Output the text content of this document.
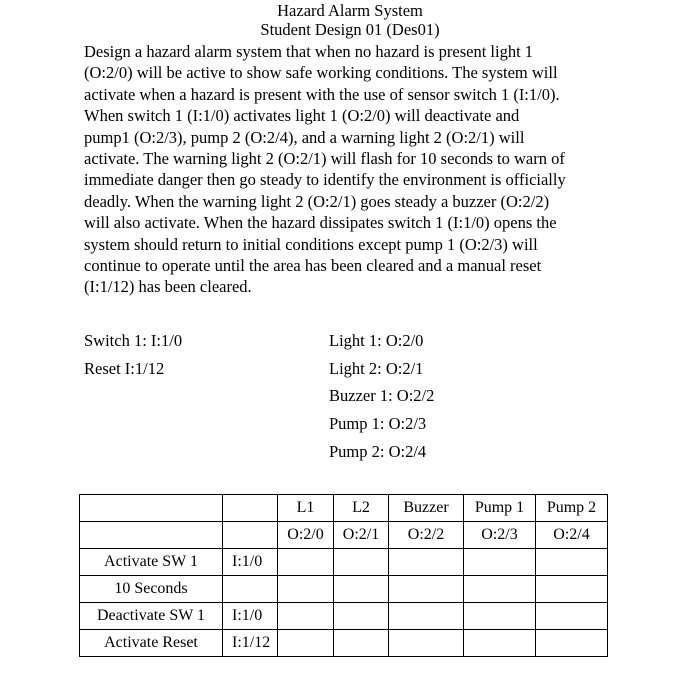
Hazard Alarm System
Student Design 01 (Des01)
Design a hazard alarm system that when no hazard is present light 1
(O:2/0) will be active to show safe working conditions. The system will
activate when a hazard is present with the use of sensor switch 1 (I:1/0).
When switch 1 (I:1/0) activates light 1 (O:2/0) will deactivate and
pump1 (O:2/3), pump 2 (O:2/4), and a warning light 2 (O:2/1) will
activate. The warning light 2 (O:2/1) will flash for 10 seconds to warn of
immediate danger then go steady to identify the environment is officially
deadly. When the warning light 2 (O:2/1) goes steady a buzzer (O:2/2)
will also activate. When the hazard dissipates switch 1 (I:1/0) opens the
system should return to initial conditions except pump 1 (O:2/3) will
continue to operate until the area has been cleared and a manual reset
(I:1/12) has been cleared.
Switch 1: I:1/0
Reset I:1/12
Light 1: O:2/0
Light 2: O:2/1
Buzzer 1: O:2/2
Pump 1: O:2/3
Pump 2: O:2/4
		L1	L2	Buzzer	Pump 1	Pump 2
		O:2/0	O:2/1	O:2/2	O:2/3	O:2/4
Activate SW 1	I:1/0					
10 Seconds						
Deactivate SW 1	I:1/0					
Activate Reset	I:1/12					
